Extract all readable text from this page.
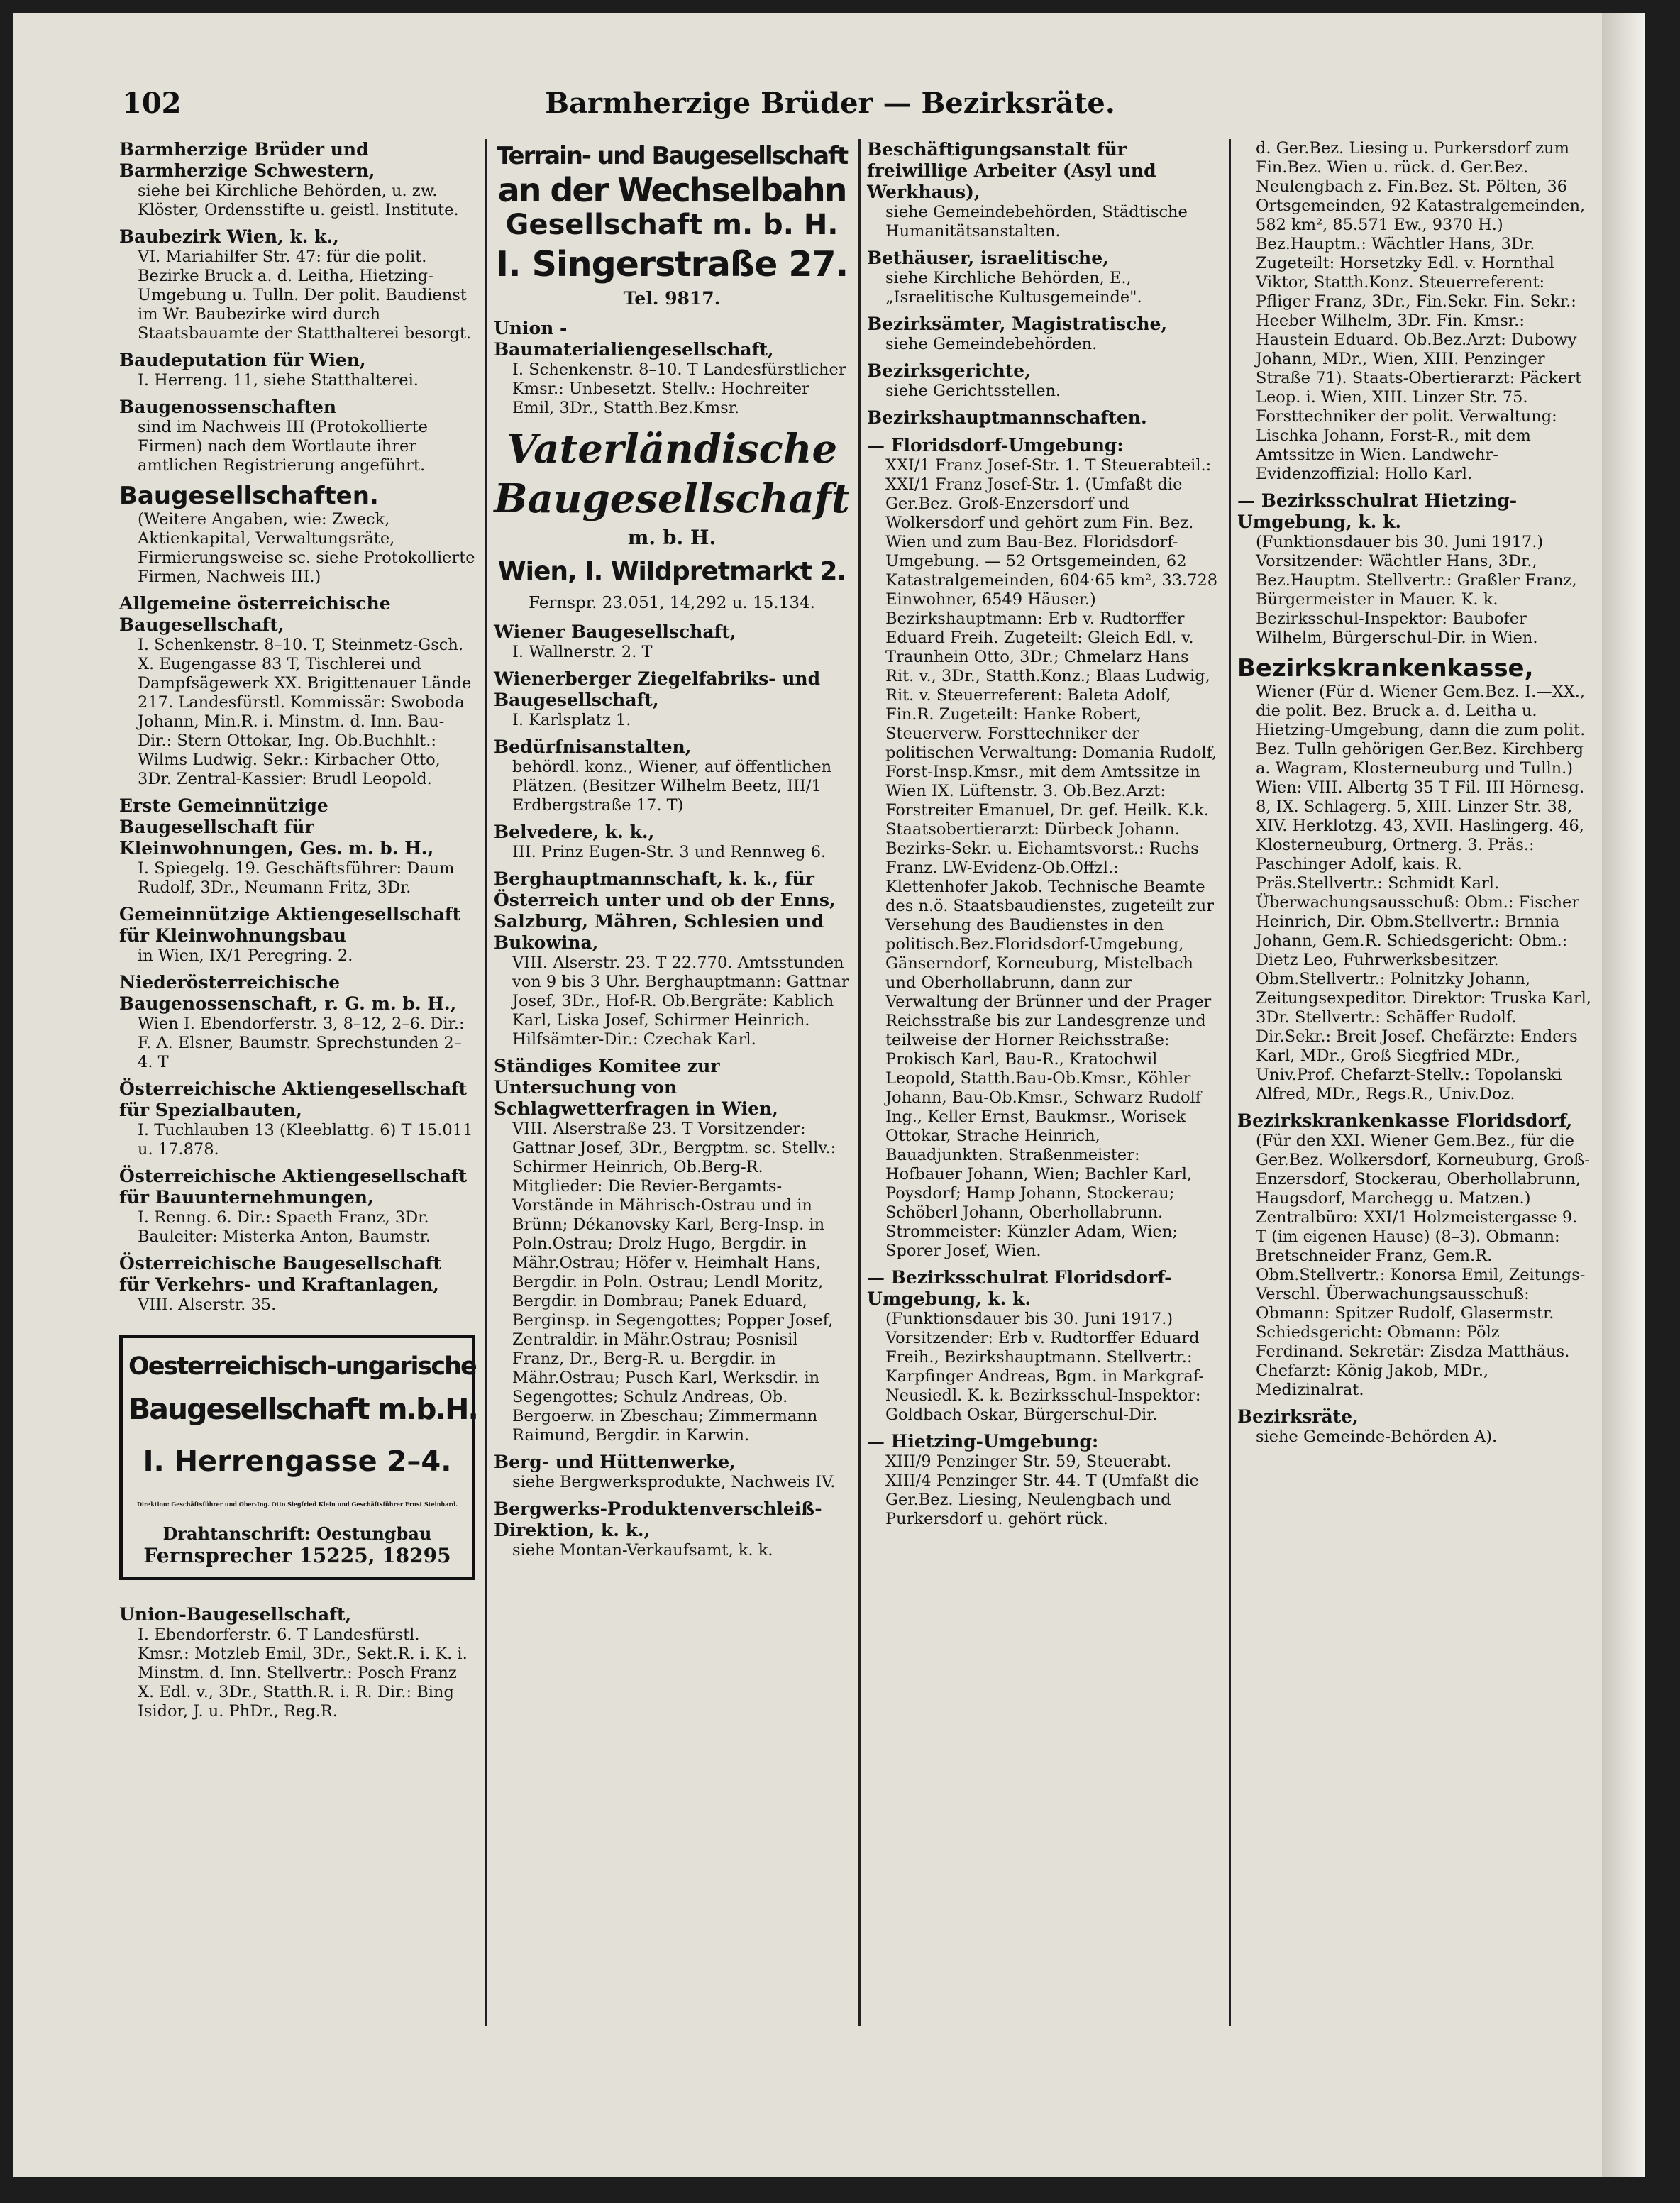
102	Barmherzige Brüder — Bezirksräte.
Barmherzige Brüder und Barmherzige Schwestern,
siehe bei Kirchliche Behörden, u. zw. Klöster, Ordensstifte u. geistl. Institute.
Baubezirk Wien, k. k.,
VI. Mariahilfer Str. 47: für die polit. Bezirke Bruck a. d. Leitha, Hietzing-Umgebung u. Tulln. Der polit. Baudienst im Wr. Baubezirke wird durch Staatsbauamte der Statthalterei besorgt.
Baudeputation für Wien,
I. Herreng. 11, siehe Statthalterei.
Baugenossenschaften
sind im Nachweis III (Protokollierte Firmen) nach dem Wortlaute ihrer amtlichen Registrierung angeführt.
Baugesellschaften.
(Weitere Angaben, wie: Zweck, Aktienkapital, Verwaltungsräte, Firmierungsweise sc. siehe Protokollierte Firmen, Nachweis III.)
Allgemeine österreichische Baugesellschaft,
I. Schenkenstr. 8–10. T, Steinmetz-Gsch. X. Eugengasse 83 T, Tischlerei und Dampfsägewerk XX. Brigittenauer Lände 217. Landesfürstl. Kommissär: Swoboda Johann, Min.R. i. Minstm. d. Inn. Bau-Dir.: Stern Ottokar, Ing. Ob.Buchhlt.: Wilms Ludwig. Sekr.: Kirbacher Otto, 3Dr. Zentral-Kassier: Brudl Leopold.
Erste Gemeinnützige Baugesellschaft für Kleinwohnungen, Ges. m. b. H.,
I. Spiegelg. 19. Geschäftsführer: Daum Rudolf, 3Dr., Neumann Fritz, 3Dr.
Gemeinnützige Aktiengesellschaft für Kleinwohnungsbau
in Wien, IX/1 Peregring. 2.
Niederösterreichische Baugenossenschaft, r. G. m. b. H.,
Wien I. Ebendorferstr. 3, 8–12, 2–6. Dir.: F. A. Elsner, Baumstr. Sprechstunden 2–4. T
Österreichische Aktiengesellschaft für Spezialbauten,
I. Tuchlauben 13 (Kleeblattg. 6) T 15.011 u. 17.878.
Österreichische Aktiengesellschaft für Bauunternehmungen,
I. Renng. 6. Dir.: Spaeth Franz, 3Dr. Bauleiter: Misterka Anton, Baumstr.
Österreichische Baugesellschaft für Verkehrs- und Kraftanlagen,
VIII. Alserstr. 35.
Oesterreichisch-ungarische
Baugesellschaft m.b.H.
I. Herrengasse 2–4.
Direktion: Geschäftsführer und Ober-Ing. Otto Siegfried Klein und Geschäftsführer Ernst Steinhard.
Drahtanschrift: Oestungbau
Fernsprecher 15225, 18295
Union-Baugesellschaft,
I. Ebendorferstr. 6. T Landesfürstl. Kmsr.: Motzleb Emil, 3Dr., Sekt.R. i. K. i. Minstm. d. Inn. Stellvertr.: Posch Franz X. Edl. v., 3Dr., Statth.R. i. R. Dir.: Bing Isidor, J. u. PhDr., Reg.R.
Terrain- und Baugesellschaft
an der Wechselbahn
Gesellschaft m. b. H.
I. Singerstraße 27.
Tel. 9817.
Union - Baumaterialiengesellschaft,
I. Schenkenstr. 8–10. T Landesfürstlicher Kmsr.: Unbesetzt. Stellv.: Hochreiter Emil, 3Dr., Statth.Bez.Kmsr.
Vaterländische
Baugesellschaft
m. b. H.
Wien, I. Wildpretmarkt 2.
Fernspr. 23.051, 14,292 u. 15.134.
Wiener Baugesellschaft,
I. Wallnerstr. 2. T
Wienerberger Ziegelfabriks- und Baugesellschaft,
I. Karlsplatz 1.
Bedürfnisanstalten,
behördl. konz., Wiener, auf öffentlichen Plätzen. (Besitzer Wilhelm Beetz, III/1 Erdbergstraße 17. T)
Belvedere, k. k.,
III. Prinz Eugen-Str. 3 und Rennweg 6.
Berghauptmannschaft, k. k., für Österreich unter und ob der Enns, Salzburg, Mähren, Schlesien und Bukowina,
VIII. Alserstr. 23. T 22.770. Amtsstunden von 9 bis 3 Uhr. Berghauptmann: Gattnar Josef, 3Dr., Hof-R. Ob.Bergräte: Kablich Karl, Liska Josef, Schirmer Heinrich. Hilfsämter-Dir.: Czechak Karl.
Ständiges Komitee zur Untersuchung von Schlagwetterfragen in Wien,
VIII. Alserstraße 23. T Vorsitzender: Gattnar Josef, 3Dr., Bergptm. sc. Stellv.: Schirmer Heinrich, Ob.Berg-R. Mitglieder: Die Revier-Bergamts-Vorstände in Mährisch-Ostrau und in Brünn; Dékanovsky Karl, Berg-Insp. in Poln.Ostrau; Drolz Hugo, Bergdir. in Mähr.Ostrau; Höfer v. Heimhalt Hans, Bergdir. in Poln. Ostrau; Lendl Moritz, Bergdir. in Dombrau; Panek Eduard, Berginsp. in Segengottes; Popper Josef, Zentraldir. in Mähr.Ostrau; Posnisil Franz, Dr., Berg-R. u. Bergdir. in Mähr.Ostrau; Pusch Karl, Werksdir. in Segengottes; Schulz Andreas, Ob. Bergoerw. in Zbeschau; Zimmermann Raimund, Bergdir. in Karwin.
Berg- und Hüttenwerke,
siehe Bergwerksprodukte, Nachweis IV.
Bergwerks-Produktenverschleiß-Direktion, k. k.,
siehe Montan-Verkaufsamt, k. k.
Beschäftigungsanstalt für freiwillige Arbeiter (Asyl und Werkhaus),
siehe Gemeindebehörden, Städtische Humanitätsanstalten.
Bethäuser, israelitische,
siehe Kirchliche Behörden, E., „Israelitische Kultusgemeinde".
Bezirksämter, Magistratische,
siehe Gemeindebehörden.
Bezirksgerichte,
siehe Gerichtsstellen.
Bezirkshauptmannschaften.
— Floridsdorf-Umgebung:
XXI/1 Franz Josef-Str. 1. T Steuerabteil.: XXI/1 Franz Josef-Str. 1. (Umfaßt die Ger.Bez. Groß-Enzersdorf und Wolkersdorf und gehört zum Fin. Bez. Wien und zum Bau-Bez. Floridsdorf-Umgebung. — 52 Ortsgemeinden, 62 Katastralgemeinden, 604·65 km², 33.728 Einwohner, 6549 Häuser.) Bezirkshauptmann: Erb v. Rudtorffer Eduard Freih. Zugeteilt: Gleich Edl. v. Traunhein Otto, 3Dr.; Chmelarz Hans Rit. v., 3Dr., Statth.Konz.; Blaas Ludwig, Rit. v. Steuerreferent: Baleta Adolf, Fin.R. Zugeteilt: Hanke Robert, Steuerverw. Forsttechniker der politischen Verwaltung: Domania Rudolf, Forst-Insp.Kmsr., mit dem Amtssitze in Wien IX. Lüftenstr. 3. Ob.Bez.Arzt: Forstreiter Emanuel, Dr. gef. Heilk. K.k. Staatsobertierarzt: Dürbeck Johann. Bezirks-Sekr. u. Eichamtsvorst.: Ruchs Franz. LW-Evidenz-Ob.Offzl.: Klettenhofer Jakob. Technische Beamte des n.ö. Staatsbaudienstes, zugeteilt zur Versehung des Baudienstes in den politisch.Bez.Floridsdorf-Umgebung, Gänserndorf, Korneuburg, Mistelbach und Oberhollabrunn, dann zur Verwaltung der Brünner und der Prager Reichsstraße bis zur Landesgrenze und teilweise der Horner Reichsstraße: Prokisch Karl, Bau-R., Kratochwil Leopold, Statth.Bau-Ob.Kmsr., Köhler Johann, Bau-Ob.Kmsr., Schwarz Rudolf Ing., Keller Ernst, Baukmsr., Worisek Ottokar, Strache Heinrich, Bauadjunkten. Straßenmeister: Hofbauer Johann, Wien; Bachler Karl, Poysdorf; Hamp Johann, Stockerau; Schöberl Johann, Oberhollabrunn. Strommeister: Künzler Adam, Wien; Sporer Josef, Wien.
— Bezirksschulrat Floridsdorf-Umgebung, k. k.
(Funktionsdauer bis 30. Juni 1917.) Vorsitzender: Erb v. Rudtorffer Eduard Freih., Bezirkshauptmann. Stellvertr.: Karpfinger Andreas, Bgm. in Markgraf-Neusiedl. K. k. Bezirksschul-Inspektor: Goldbach Oskar, Bürgerschul-Dir.
— Hietzing-Umgebung:
XIII/9 Penzinger Str. 59, Steuerabt. XIII/4 Penzinger Str. 44. T (Umfaßt die Ger.Bez. Liesing, Neulengbach und Purkersdorf u. gehört rück.
d. Ger.Bez. Liesing u. Purkersdorf zum Fin.Bez. Wien u. rück. d. Ger.Bez. Neulengbach z. Fin.Bez. St. Pölten, 36 Ortsgemeinden, 92 Katastralgemeinden, 582 km², 85.571 Ew., 9370 H.) Bez.Hauptm.: Wächtler Hans, 3Dr. Zugeteilt: Horsetzky Edl. v. Hornthal Viktor, Statth.Konz. Steuerreferent: Pfliger Franz, 3Dr., Fin.Sekr. Fin. Sekr.: Heeber Wilhelm, 3Dr. Fin. Kmsr.: Haustein Eduard. Ob.Bez.Arzt: Dubowy Johann, MDr., Wien, XIII. Penzinger Straße 71). Staats-Obertierarzt: Päckert Leop. i. Wien, XIII. Linzer Str. 75. Forsttechniker der polit. Verwaltung: Lischka Johann, Forst-R., mit dem Amtssitze in Wien. Landwehr-Evidenzoffizial: Hollo Karl.
— Bezirksschulrat Hietzing-Umgebung, k. k.
(Funktionsdauer bis 30. Juni 1917.) Vorsitzender: Wächtler Hans, 3Dr., Bez.Hauptm. Stellvertr.: Graßler Franz, Bürgermeister in Mauer. K. k. Bezirksschul-Inspektor: Baubofer Wilhelm, Bürgerschul-Dir. in Wien.
Bezirkskrankenkasse,
Wiener (Für d. Wiener Gem.Bez. I.—XX., die polit. Bez. Bruck a. d. Leitha u. Hietzing-Umgebung, dann die zum polit. Bez. Tulln gehörigen Ger.Bez. Kirchberg a. Wagram, Klosterneuburg und Tulln.) Wien: VIII. Albertg 35 T Fil. III Hörnesg. 8, IX. Schlagerg. 5, XIII. Linzer Str. 38, XIV. Herklotzg. 43, XVII. Haslingerg. 46, Klosterneuburg, Ortnerg. 3. Präs.: Paschinger Adolf, kais. R. Präs.Stellvertr.: Schmidt Karl. Überwachungsausschuß: Obm.: Fischer Heinrich, Dir. Obm.Stellvertr.: Brnnia Johann, Gem.R. Schiedsgericht: Obm.: Dietz Leo, Fuhrwerksbesitzer. Obm.Stellvertr.: Polnitzky Johann, Zeitungsexpeditor. Direktor: Truska Karl, 3Dr. Stellvertr.: Schäffer Rudolf. Dir.Sekr.: Breit Josef. Chefärzte: Enders Karl, MDr., Groß Siegfried MDr., Univ.Prof. Chefarzt-Stellv.: Topolanski Alfred, MDr., Regs.R., Univ.Doz.
Bezirkskrankenkasse Floridsdorf,
(Für den XXI. Wiener Gem.Bez., für die Ger.Bez. Wolkersdorf, Korneuburg, Groß-Enzersdorf, Stockerau, Oberhollabrunn, Haugsdorf, Marchegg u. Matzen.) Zentralbüro: XXI/1 Holzmeistergasse 9. T (im eigenen Hause) (8–3). Obmann: Bretschneider Franz, Gem.R. Obm.Stellvertr.: Konorsa Emil, Zeitungs-Verschl. Überwachungsausschuß: Obmann: Spitzer Rudolf, Glasermstr. Schiedsgericht: Obmann: Pölz Ferdinand. Sekretär: Zisdza Matthäus. Chefarzt: König Jakob, MDr., Medizinalrat.
Bezirksräte,
siehe Gemeinde-Behörden A).
